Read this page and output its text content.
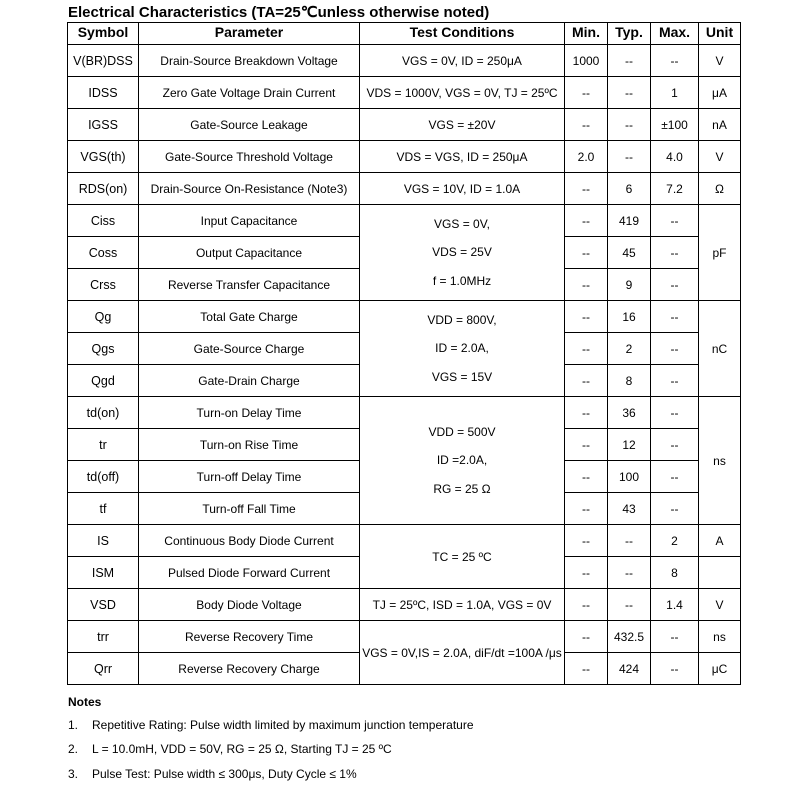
Electrical Characteristics (TA=25℃unless otherwise noted)
Symbol	Parameter	Test Conditions	Min.	Typ.	Max.	Unit
V(BR)DSS	Drain-Source Breakdown Voltage	VGS = 0V, ID = 250μA	1000	--	--	V
IDSS	Zero Gate Voltage Drain Current	VDS = 1000V, VGS = 0V, TJ = 25ºC	--	--	1	μA
IGSS	Gate-Source Leakage	VGS = ±20V	--	--	±100	nA
VGS(th)	Gate-Source Threshold Voltage	VDS = VGS, ID = 250μA	2.0	--	4.0	V
RDS(on)	Drain-Source On-Resistance (Note3)	VGS = 10V, ID = 1.0A	--	6	7.2	Ω
Ciss	Input Capacitance	VGS = 0V,
VDS = 25V
f = 1.0MHz	--	419	--	pF
Coss	Output Capacitance		--	45	--	
Crss	Reverse Transfer Capacitance		--	9	--	
Qg	Total Gate Charge	VDD = 800V,
ID = 2.0A,
VGS = 15V	--	16	--	nC
Qgs	Gate-Source Charge		--	2	--	
Qgd	Gate-Drain Charge		--	8	--	
td(on)	Turn-on Delay Time	VDD = 500V
ID =2.0A,
RG = 25 Ω	--	36	--	ns
tr	Turn-on Rise Time		--	12	--	
td(off)	Turn-off Delay Time		--	100	--	
tf	Turn-off Fall Time		--	43	--	
IS	Continuous Body Diode Current	TC = 25 ºC	--	--	2	A
ISM	Pulsed Diode Forward Current		--	--	8	
VSD	Body Diode Voltage	TJ = 25ºC, ISD = 1.0A, VGS = 0V	--	--	1.4	V
trr	Reverse Recovery Time	VGS = 0V,IS = 2.0A, diF/dt =100A /μs	--	432.5	--	ns
Qrr	Reverse Recovery Charge		--	424	--	μC
Notes
1. Repetitive Rating: Pulse width limited by maximum junction temperature
2. L = 10.0mH, VDD = 50V, RG = 25 Ω, Starting TJ = 25 ºC
3. Pulse Test: Pulse width ≤ 300μs, Duty Cycle ≤ 1%
